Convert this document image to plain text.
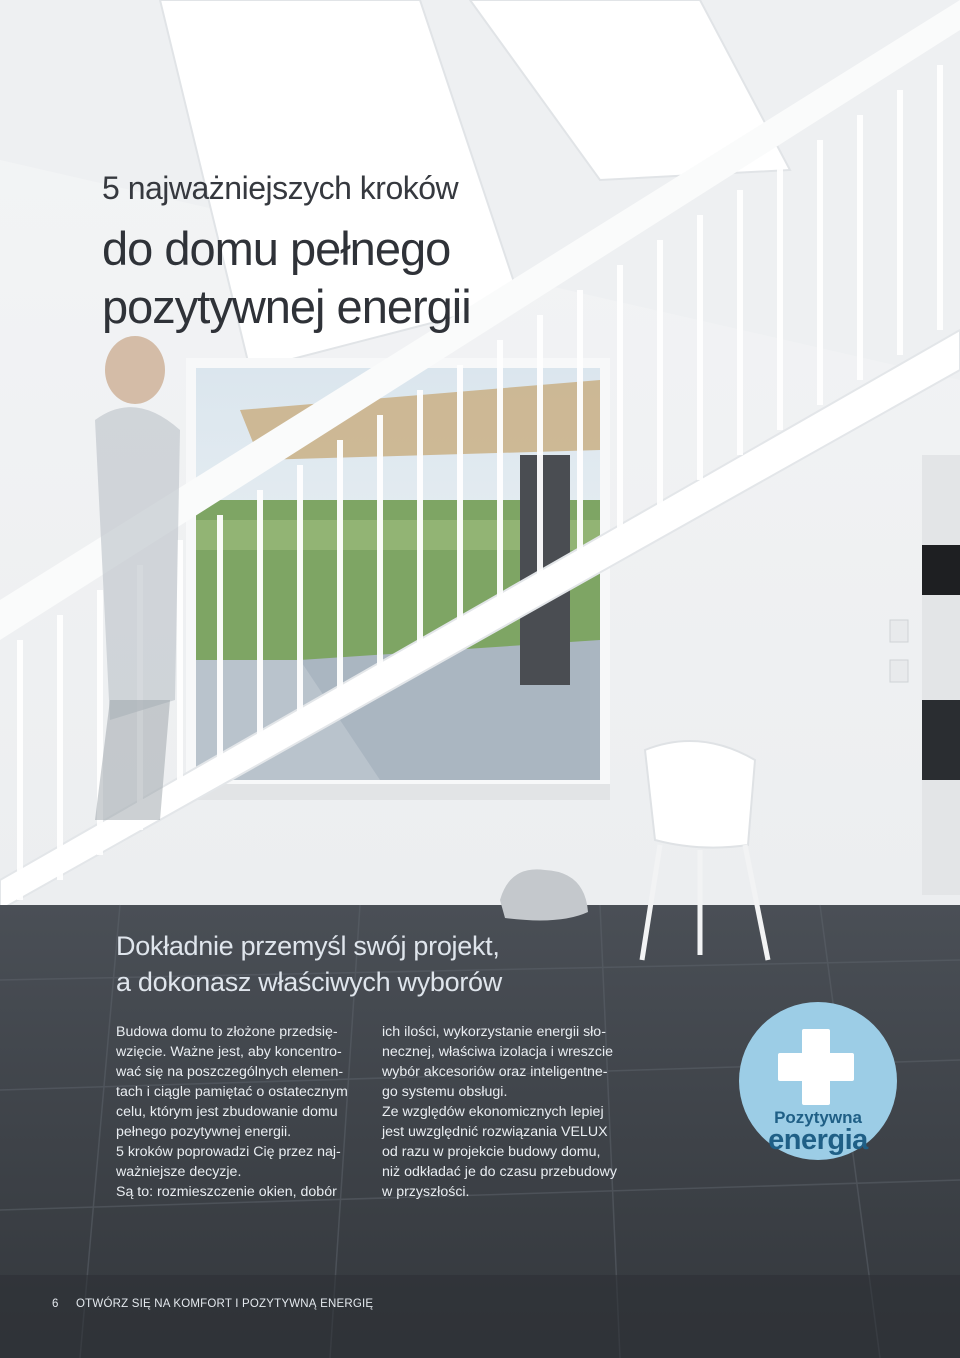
5 najważniejszych kroków

do domu pełnego
pozytywnej energii

Dokładnie przemyśl swój projekt,
a dokonasz właściwych wyborów

Budowa domu to złożone przedsię-

wzięcie. Ważne jest, aby koncentro-

wać się na poszczególnych elemen-

tach i ciągle pamiętać o ostatecznym

celu, którym jest zbudowanie domu

pełnego pozytywnej energii.

5 kroków poprowadzi Cię przez naj-

ważniejsze decyzje.

Są to: rozmieszczenie okien, dobór

ich ilości, wykorzystanie energii sło-

necznej, właściwa izolacja i wreszcie

wybór akcesoriów oraz inteligentne-

go systemu obsługi.

Ze względów ekonomicznych lepiej

jest uwzględnić rozwiązania VELUX

od razu w projekcie budowy domu,

niż odkładać je do czasu przebudowy

w przyszłości.

Pozytywna
energia
6 OTWÓRZ SIĘ NA KOMFORT I POZYTYWNĄ ENERGIĘ
